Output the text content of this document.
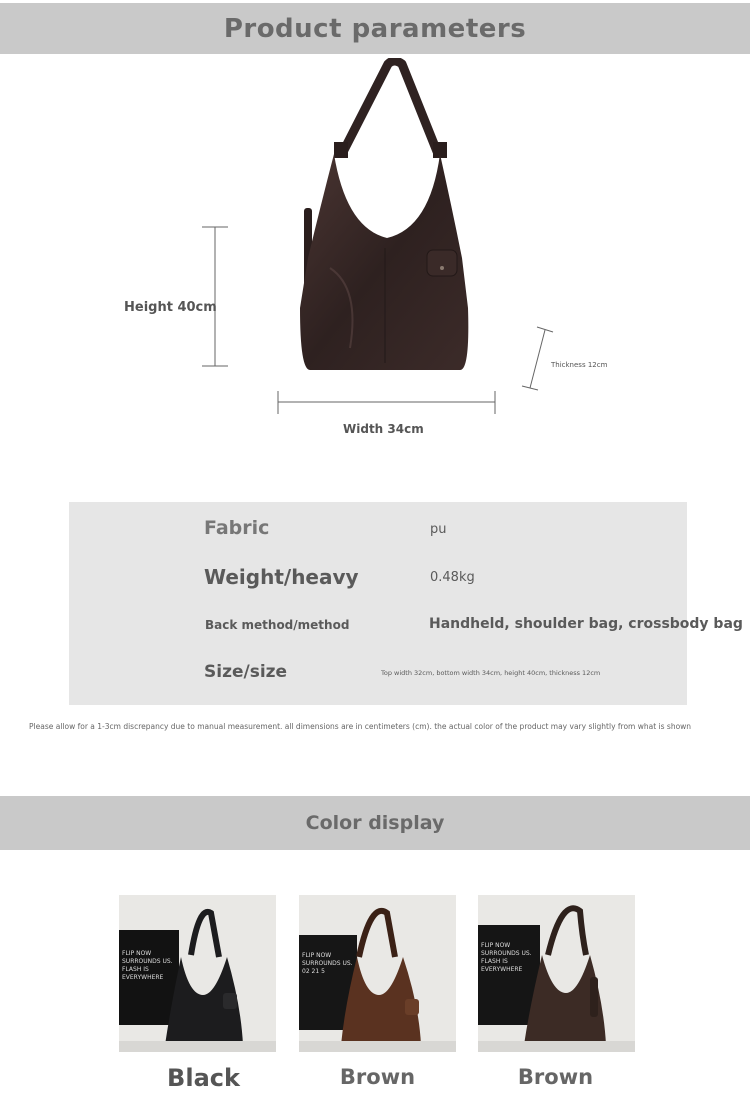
Product parameters
Height 40cm
Width 34cm
Thickness 12cm
Fabric	pu
Weight/heavy	0.48kg
Back method/method	Handheld, shoulder bag, crossbody bag
Size/size	Top width 32cm, bottom width 34cm, height 40cm, thickness 12cm
Please allow for a 1-3cm discrepancy due to manual measurement. all dimensions are in centimeters (cm). the actual color of the product may vary slightly from what is shown
Color display
FLIP NOW
SURROUNDS US.
FLASH IS
EVERYWHERE
Black
FLIP NOW
SURROUNDS US.
02 21 5
Brown
FLIP NOW
SURROUNDS US.
FLASH IS
EVERYWHERE
Brown
